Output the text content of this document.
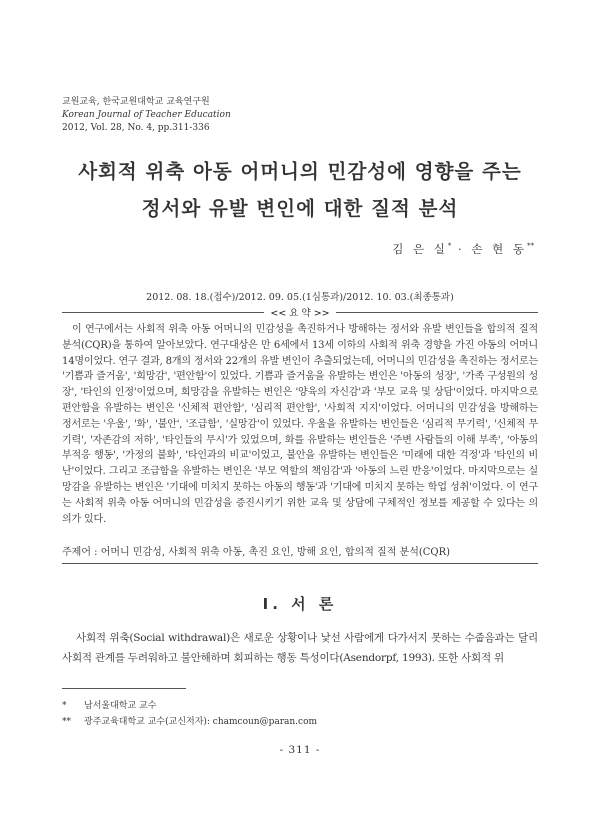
교원교육, 한국교원대학교 교육연구원
Korean Journal of Teacher Education
2012, Vol. 28, No. 4, pp.311-336
사회적 위축 아동 어머니의 민감성에 영향을 주는
정서와 유발 변인에 대한 질적 분석
김 은 실* · 손 현 동**
2012. 08. 18.(접수)/2012. 09. 05.(1심통과)/2012. 10. 03.(최종통과)
<< 요 약 >>
이 연구에서는 사회적 위축 아동 어머니의 민감성을 촉진하거나 방해하는 정서와 유발 변인들을 합의적 질적 분석(CQR)을 통하여 알아보았다. 연구대상은 만 6세에서 13세 이하의 사회적 위축 경향을 가진 아동의 어머니 14명이었다. 연구 결과, 8개의 정서와 22개의 유발 변인이 추출되었는데, 어머니의 민감성을 촉진하는 정서로는 '기쁨과 즐거움', '희망감', '편안함'이 있었다. 기쁨과 즐거움을 유발하는 변인은 '아동의 성장', '가족 구성원의 성장', '타인의 인정'이었으며, 희망감을 유발하는 변인은 '양육의 자신감'과 '부모 교육 및 상담'이었다. 마지막으로 편안함을 유발하는 변인은 '신체적 편안함', '심리적 편안함', '사회적 지지'이었다. 어머니의 민감성을 방해하는 정서로는 '우울', '화', '불안', '조급함', '실망감'이 있었다. 우울을 유발하는 변인들은 '심리적 무기력', '신체적 무기력', '자존감의 저하', '타인들의 무시'가 있었으며, 화를 유발하는 변인들은 '주변 사람들의 이해 부족', '아동의 부적응 행동', '가정의 불화', '타인과의 비교'이었고, 불안을 유발하는 변인들은 '미래에 대한 걱정'과 '타인의 비난'이었다. 그리고 조급함을 유발하는 변인은 '부모 역할의 책임감'과 '아동의 느린 반응'이었다. 마지막으로는 실망감을 유발하는 변인은 '기대에 미치지 못하는 아동의 행동'과 '기대에 미치지 못하는 학업 성취'이었다. 이 연구는 사회적 위축 아동 어머니의 민감성을 증진시키기 위한 교육 및 상담에 구체적인 정보를 제공할 수 있다는 의의가 있다.
주제어 : 어머니 민감성, 사회적 위축 아동, 촉진 요인, 방해 요인, 합의적 질적 분석(CQR)
Ⅰ. 서 론
사회적 위축(Social withdrawal)은 새로운 상황이나 낯선 사람에게 다가서지 못하는 수줍음과는 달리 사회적 관계를 두려워하고 불안해하며 회피하는 행동 특성이다(Asendorpf, 1993). 또한 사회적 위
* 남서울대학교 교수
** 광주교육대학교 교수(교신저자): chamcoun@paran.com
- 311 -
